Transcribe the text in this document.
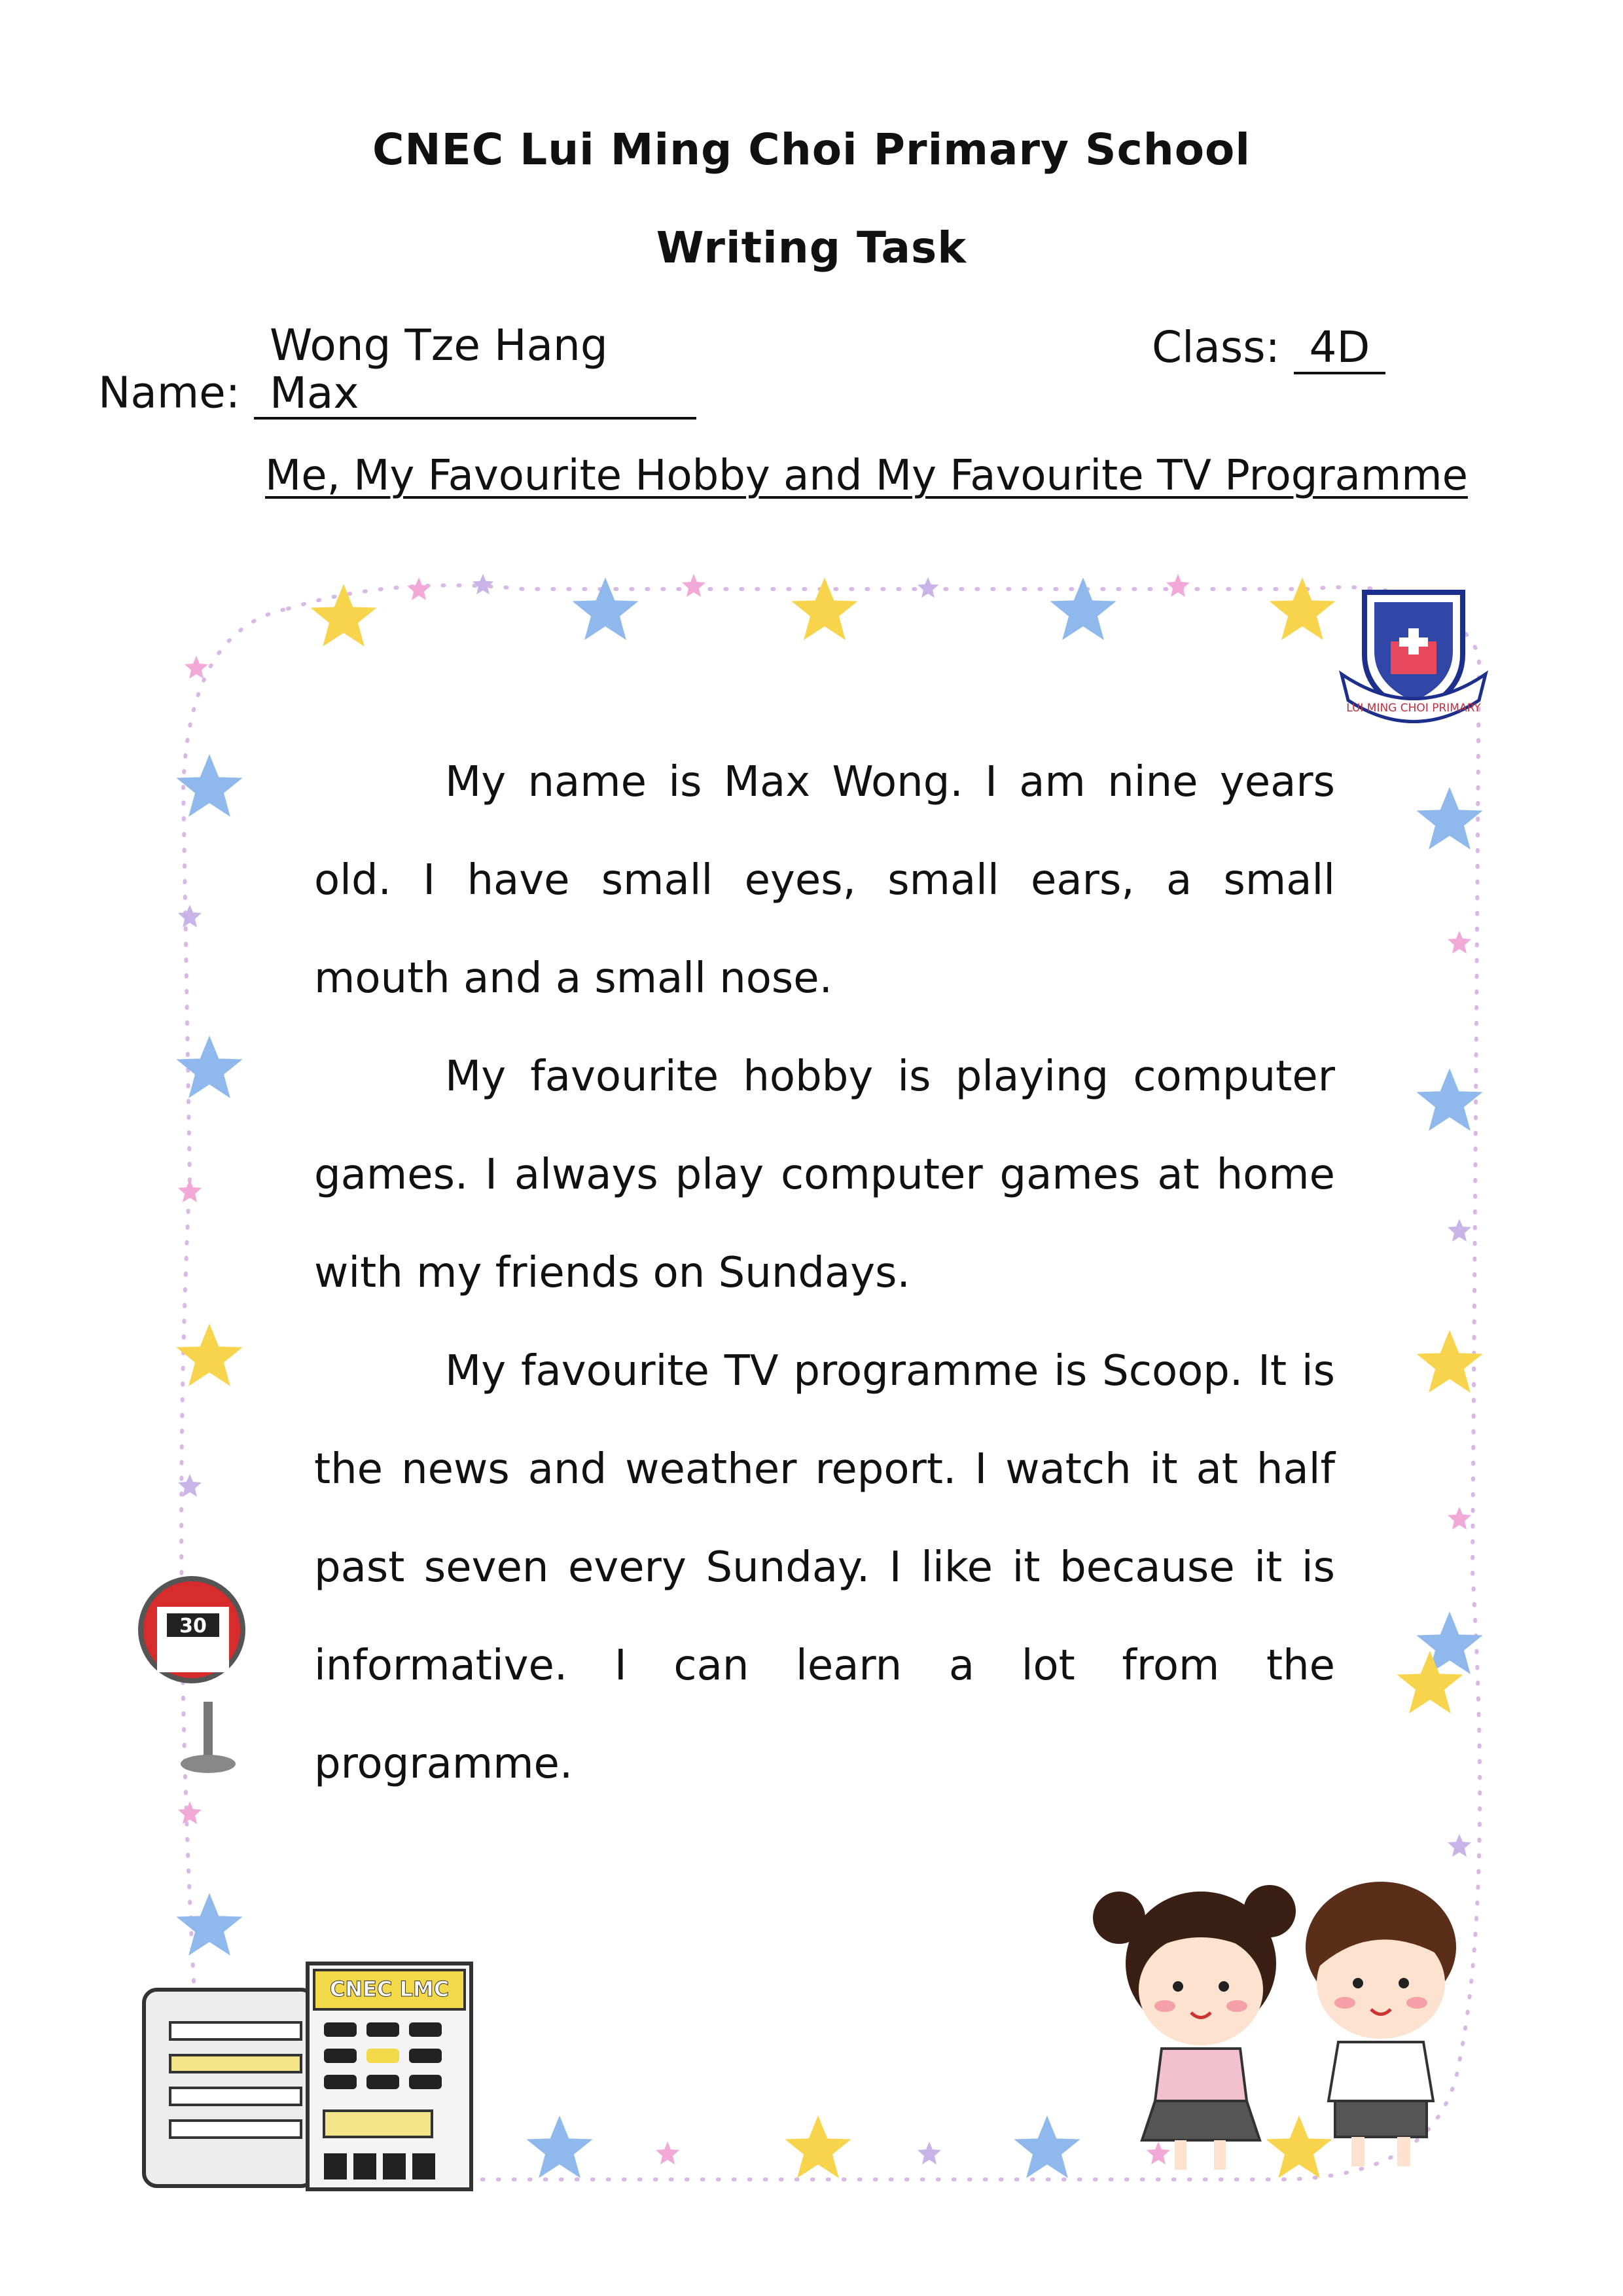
CNEC Lui Ming Choi Primary School
Writing Task
Name: Wong Tze Hang Max
Class: 4D
Me, My Favourite Hobby and My Favourite TV Programme
LUI MING CHOI PRIMARY
30
CNEC LMC

My name is Max Wong. I am nine years old. I have small eyes, small ears, a small mouth and a small nose.

My favourite hobby is playing computer games. I always play computer games at home with my friends on Sundays.

My favourite TV programme is Scoop. It is the news and weather report. I watch it at half past seven every Sunday. I like it because it is informative. I can learn a lot from the programme.
